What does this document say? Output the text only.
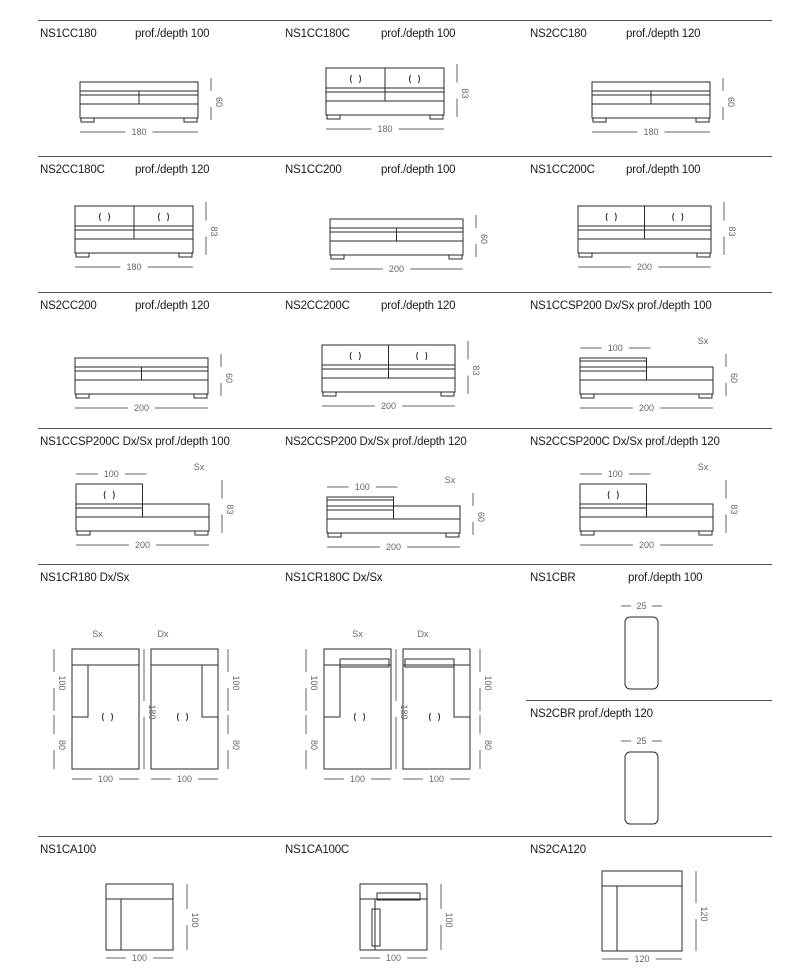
NS1CC180	prof./depth 100	NS1CC180C	prof./depth 100	NS2CC180	prof./depth 120
NS2CC180C	prof./depth 120	NS1CC200	prof./depth 100	NS1CC200C	prof./depth 100
NS2CC200	prof./depth 120	NS2CC200C	prof./depth 120	NS1CCSP200 Dx/Sx prof./depth 100
NS1CCSP200C Dx/Sx prof./depth 100	NS2CCSP200 Dx/Sx prof./depth 120	NS2CCSP200C Dx/Sx prof./depth 120
NS1CR180 Dx/Sx	NS1CR180C Dx/Sx	NS1CBR	prof./depth 100
NS2CBR prof./depth 120
NS1CA100	NS1CA100C	NS2CA120
180
60
180
83
180
60
180
83
200
60
200
83
200
60
200
83
200
60
100
Sx
200
83
100
Sx
200
60
100
Sx
200
83
100
Sx
Sx	Dx
100
80
180
100
80
100	100
Sx	Dx
100
80
180
100
80
100	100
25
25
100
100
100
100
120
120
